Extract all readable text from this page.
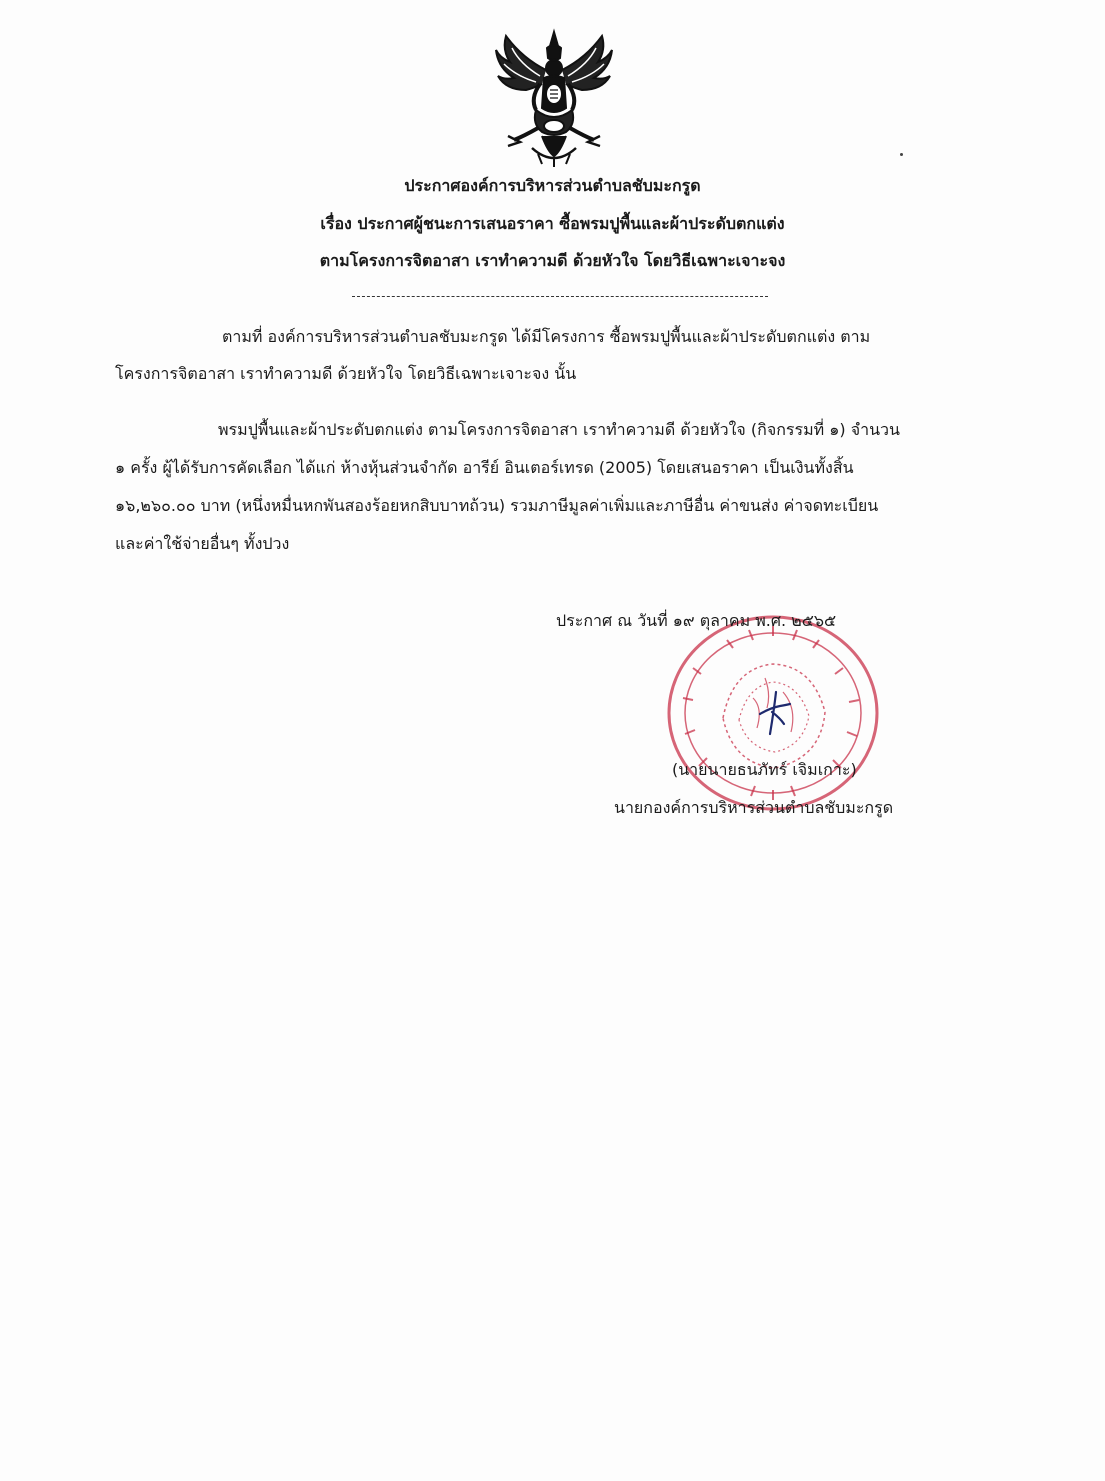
ประกาศองค์การบริหารส่วนตำบลชับมะกรูด
เรื่อง ประกาศผู้ชนะการเสนอราคา ซื้อพรมปูพื้นและผ้าประดับตกแต่ง
ตามโครงการจิตอาสา เราทำความดี ด้วยหัวใจ โดยวิธีเฉพาะเจาะจง
ตามที่ องค์การบริหารส่วนตำบลชับมะกรูด ได้มีโครงการ ซื้อพรมปูพื้นและผ้าประดับตกแต่ง ตาม
โครงการจิตอาสา เราทำความดี ด้วยหัวใจ โดยวิธีเฉพาะเจาะจง นั้น
พรมปูพื้นและผ้าประดับตกแต่ง ตามโครงการจิตอาสา เราทำความดี ด้วยหัวใจ (กิจกรรมที่ ๑) จำนวน
๑ ครั้ง ผู้ได้รับการคัดเลือก ได้แก่ ห้างหุ้นส่วนจำกัด อารีย์ อินเตอร์เทรด (2005) โดยเสนอราคา เป็นเงินทั้งสิ้น
๑๖,๒๖๐.๐๐ บาท (หนึ่งหมื่นหกพันสองร้อยหกสิบบาทถ้วน) รวมภาษีมูลค่าเพิ่มและภาษีอื่น ค่าขนส่ง ค่าจดทะเบียน
และค่าใช้จ่ายอื่นๆ ทั้งปวง
ประกาศ ณ วันที่ ๑๙ ตุลาคม พ.ศ. ๒๕๖๕
(นายนายธนภัทร์ เจิมเกาะ)
นายกองค์การบริหารส่วนตำบลชับมะกรูด
